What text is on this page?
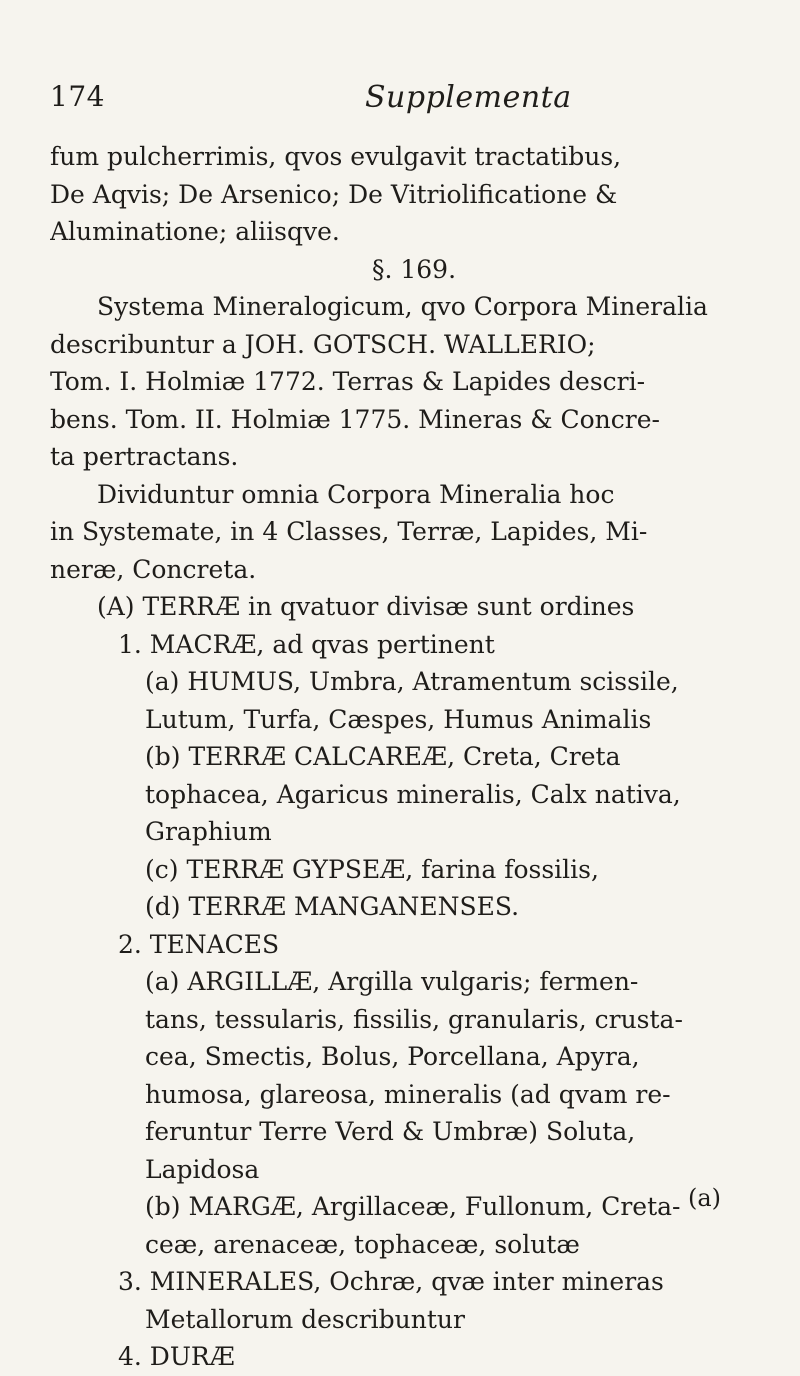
174	Supplementa
fum pulcherrimis, qvos evulgavit tractatibus,
De Aqvis; De Arsenico; De Vitriolificatione &
Aluminatione; aliisqve.
§. 169.
Systema Mineralogicum, qvo Corpora Mineralia
describuntur a JOH. GOTSCH. WALLERIO;
Tom. I. Holmiæ 1772. Terras & Lapides descri-
bens. Tom. II. Holmiæ 1775. Mineras & Concre-
ta pertractans.
Dividuntur omnia Corpora Mineralia hoc
in Systemate, in 4 Classes, Terræ, Lapides, Mi-
neræ, Concreta.
(A) TERRÆ in qvatuor divisæ sunt ordines
1. MACRÆ, ad qvas pertinent
(a) HUMUS, Umbra, Atramentum scissile,
Lutum, Turfa, Cæspes, Humus Animalis
(b) TERRÆ CALCAREÆ, Creta, Creta
tophacea, Agaricus mineralis, Calx nativa,
Graphium
(c) TERRÆ GYPSEÆ, farina fossilis,
(d) TERRÆ MANGANENSES.
2. TENACES
(a) ARGILLÆ, Argilla vulgaris; fermen-
tans, tessularis, fissilis, granularis, crusta-
cea, Smectis, Bolus, Porcellana, Apyra,
humosa, glareosa, mineralis (ad qvam re-
feruntur Terre Verd & Umbræ) Soluta,
Lapidosa
(b) MARGÆ, Argillaceæ, Fullonum, Creta-
ceæ, arenaceæ, tophaceæ, solutæ
3. MINERALES, Ochræ, qvæ inter mineras
Metallorum describuntur
4. DURÆ
(a)
